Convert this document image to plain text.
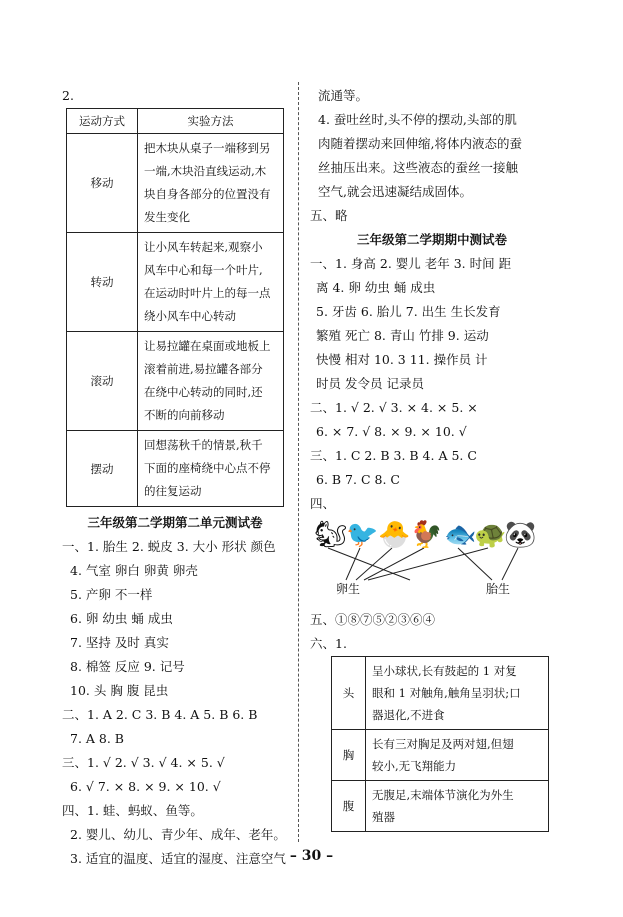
2.
运动方式	实验方法
移动	把木块从桌子一端移到另
一端,木块沿直线运动,木
块自身各部分的位置没有
发生变化

转动	让小风车转起来,观察小
风车中心和每一个叶片,
在运动时叶片上的每一点
绕小风车中心转动

滚动	让易拉罐在桌面或地板上
滚着前进,易拉罐各部分
在绕中心转动的同时,还
不断的向前移动

摆动	回想荡秋千的情景,秋千
下面的座椅绕中心点不停
的往复运动
三年级第二学期第二单元测试卷
一、1. 胎生 2. 蜕皮 3. 大小 形状 颜色
4. 气室 卵白 卵黄 卵壳
5. 产卵 不一样
6. 卵 幼虫 蛹 成虫
7. 坚持 及时 真实
8. 棉签 反应 9. 记号
10. 头 胸 腹 昆虫
二、1. A 2. C 3. B 4. A 5. B 6. B
7. A 8. B
三、1. √ 2. √ 3. √ 4. × 5. √
6. √ 7. × 8. × 9. × 10. √
四、1. 蛙、蚂蚁、鱼等。
2. 婴儿、幼儿、青少年、成年、老年。
3. 适宜的温度、适宜的湿度、注意空气
流通等。
4. 蚕吐丝时,头不停的摆动,头部的肌
肉随着摆动来回伸缩,将体内液态的蚕
丝抽压出来。这些液态的蚕丝一接触
空气,就会迅速凝结成固体。
五、略
三年级第二学期期中测试卷
一、1. 身高 2. 婴儿 老年 3. 时间 距
离 4. 卵 幼虫 蛹 成虫
5. 牙齿 6. 胎儿 7. 出生 生长发育
繁殖 死亡 8. 青山 竹排 9. 运动
快慢 相对 10. 3 11. 操作员 计
时员 发令员 记录员
二、1. √ 2. √ 3. × 4. × 5. ×
6. × 7. √ 8. × 9. × 10. √
三、1. C 2. B 3. B 4. A 5. C
6. B 7. C 8. C
四、
🐿
🐦 🐣 🐓 🐟
🐢
🐼
卵生	胎生
五、①⑧⑦⑤②③⑥④
六、1.
头	呈小球状,长有鼓起的 1 对复
眼和 1 对触角,触角呈羽状;口
器退化,不进食

胸	长有三对胸足及两对翅,但翅
较小,无飞翔能力

腹	无腹足,末端体节演化为外生
殖器
– 30 –
